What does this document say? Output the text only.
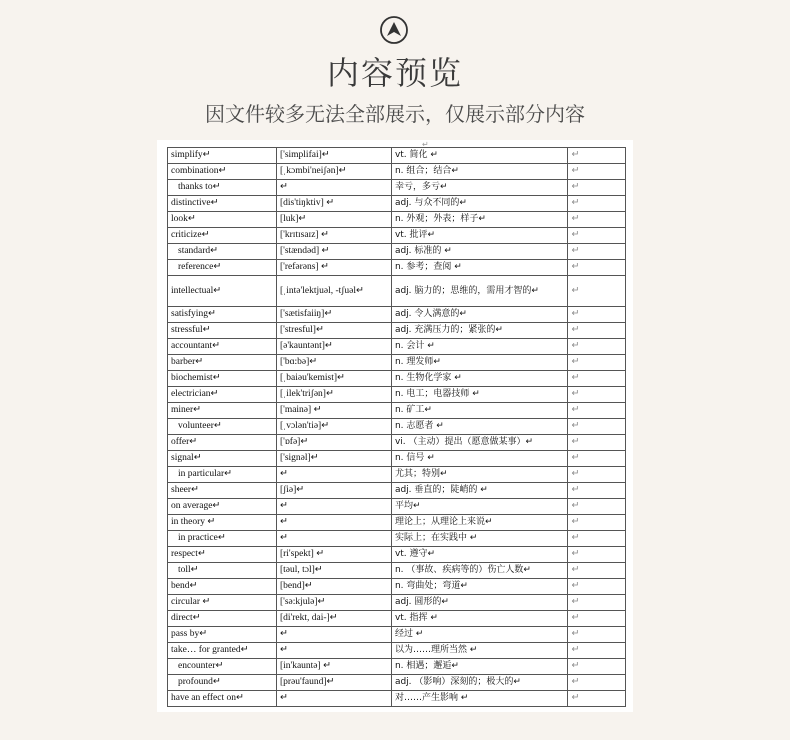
内容预览
因文件较多无法全部展示，仅展示部分内容
↵
simplify↵	['simplifai]↵	vt. 简化 ↵	↵
combination↵	[ˌkɔmbi'neiʃən]↵	n. 组合；结合↵	↵
thanks to↵	↵	幸亏，多亏↵	↵
distinctive↵	[dis'tiŋktiv] ↵	adj. 与众不同的↵	↵
look↵	[luk]↵	n. 外观；外表；样子↵	↵
criticize↵	['krɪtɪsaɪz] ↵	vt. 批评↵	↵
standard↵	['stændəd] ↵	adj. 标准的 ↵	↵
reference↵	['refərəns] ↵	n. 参考；查阅 ↵	↵
intellectual↵	[ˌintə'lektjuəl, -tʃuəl↵	adj. 脑力的；思维的，需用才智的↵	↵
satisfying↵	['sætisfaiiŋ]↵	adj. 令人满意的↵	↵
stressful↵	['stresful]↵	adj. 充满压力的；紧张的↵	↵
accountant↵	[ə'kauntənt]↵	n. 会计 ↵	↵
barber↵	['bɑ:bə]↵	n. 理发师↵	↵
biochemist↵	[ˌbaiəu'kemist]↵	n. 生物化学家 ↵	↵
electrician↵	[ˌilek'triʃən]↵	n. 电工；电器技师 ↵	↵
miner↵	['mainə] ↵	n. 矿工↵	↵
volunteer↵	[ˌvɔlən'tiə]↵	n. 志愿者 ↵	↵
offer↵	['ɒfə]↵	vi. （主动）提出（愿意做某事）↵	↵
signal↵	['signəl]↵	n. 信号 ↵	↵
in particular↵	↵	尤其；特别↵	↵
sheer↵	[ʃiə]↵	adj. 垂直的；陡峭的 ↵	↵
on average↵	↵	平均↵	↵
in theory ↵	↵	理论上；从理论上来说↵	↵
in practice↵	↵	实际上；在实践中 ↵	↵
respect↵	[ri'spekt] ↵	vt. 遵守↵	↵
toll↵	[təul, tɔl]↵	n. （事故、疾病等的）伤亡人数↵	↵
bend↵	[bend]↵	n. 弯曲处；弯道↵	↵
circular ↵	['sə:kjulə]↵	adj. 圆形的↵	↵
direct↵	[di'rekt, dai-]↵	vt. 指挥 ↵	↵
pass by↵	↵	经过 ↵	↵
take… for granted↵	↵	以为……理所当然 ↵	↵
encounter↵	[in'kauntə] ↵	n. 相遇；邂逅↵	↵
profound↵	[prəu'faund]↵	adj. （影响）深刻的；极大的↵	↵
have an effect on↵	↵	对……产生影响 ↵	↵
